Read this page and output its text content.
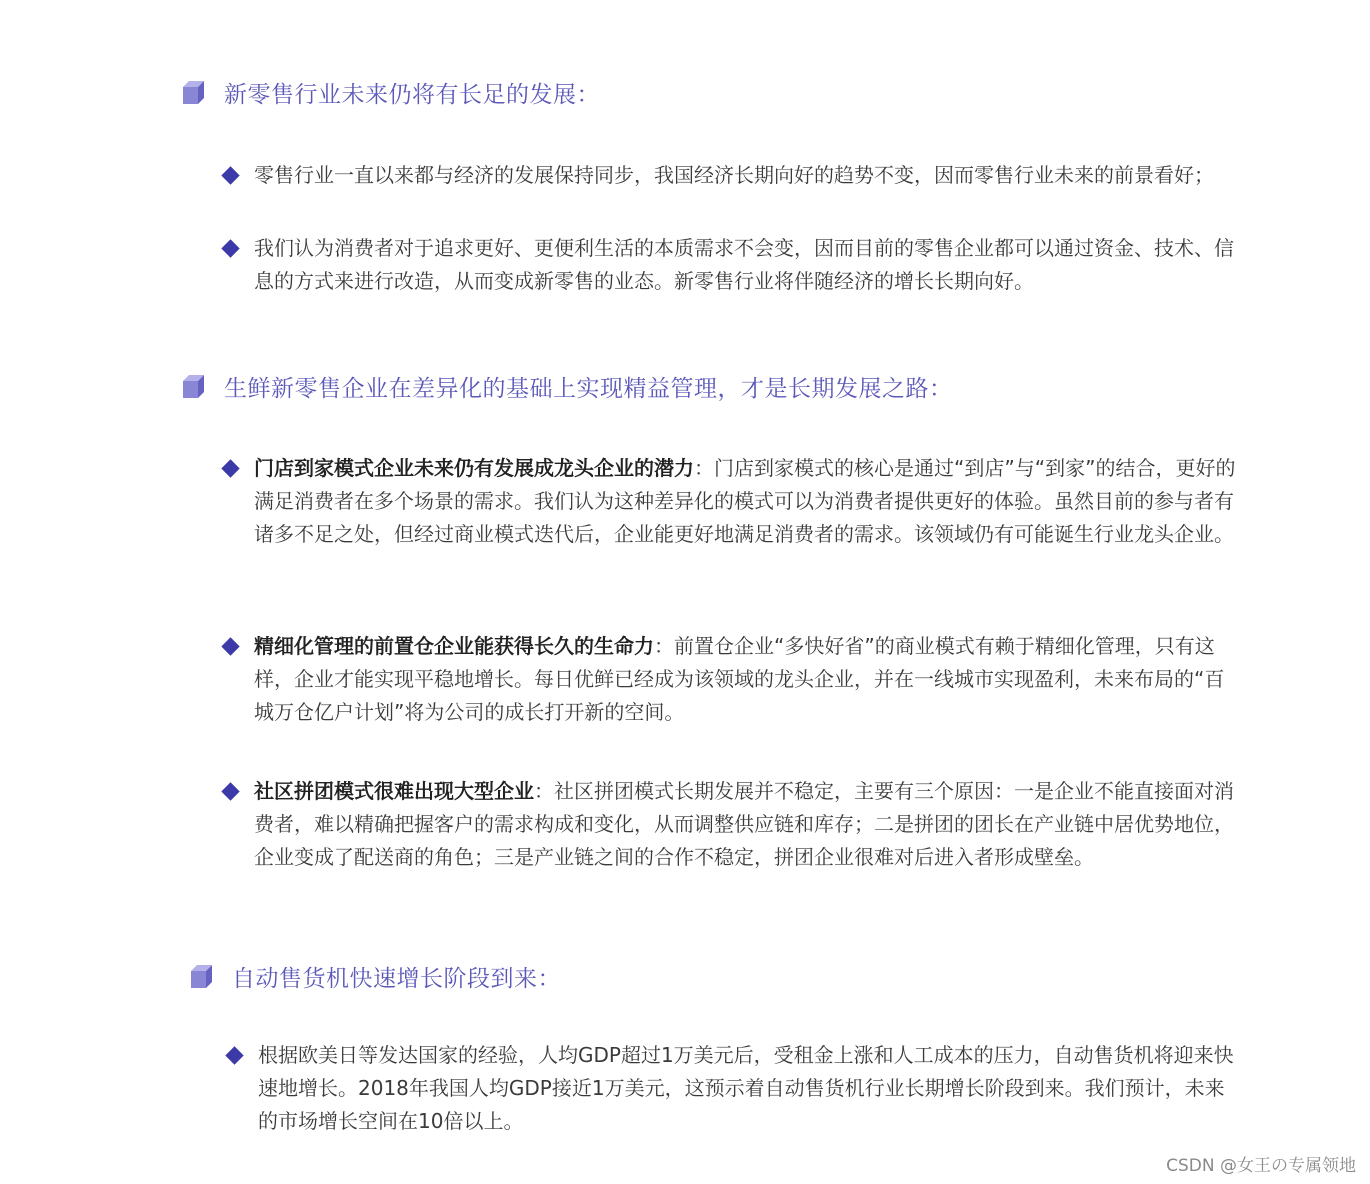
新零售行业未来仍将有长足的发展：
零售行业一直以来都与经济的发展保持同步，我国经济长期向好的趋势不变，因而零售行业未来的前景看好；
我们认为消费者对于追求更好、更便利生活的本质需求不会变，因而目前的零售企业都可以通过资金、技术、信息的方式来进行改造，从而变成新零售的业态。新零售行业将伴随经济的增长长期向好。
生鲜新零售企业在差异化的基础上实现精益管理，才是长期发展之路：
门店到家模式企业未来仍有发展成龙头企业的潜力：门店到家模式的核心是通过“到店”与“到家”的结合，更好的满足消费者在多个场景的需求。我们认为这种差异化的模式可以为消费者提供更好的体验。虽然目前的参与者有诸多不足之处，但经过商业模式迭代后，企业能更好地满足消费者的需求。该领域仍有可能诞生行业龙头企业。
精细化管理的前置仓企业能获得长久的生命力：前置仓企业“多快好省”的商业模式有赖于精细化管理，只有这样，企业才能实现平稳地增长。每日优鲜已经成为该领域的龙头企业，并在一线城市实现盈利，未来布局的“百城万仓亿户计划”将为公司的成长打开新的空间。
社区拼团模式很难出现大型企业：社区拼团模式长期发展并不稳定，主要有三个原因：一是企业不能直接面对消费者，难以精确把握客户的需求构成和变化，从而调整供应链和库存；二是拼团的团长在产业链中居优势地位，企业变成了配送商的角色；三是产业链之间的合作不稳定，拼团企业很难对后进入者形成壁垒。
自动售货机快速增长阶段到来：
根据欧美日等发达国家的经验，人均GDP超过1万美元后，受租金上涨和人工成本的压力，自动售货机将迎来快速地增长。2018年我国人均GDP接近1万美元，这预示着自动售货机行业长期增长阶段到来。我们预计，未来的市场增长空间在10倍以上。
CSDN @女王の专属领地
